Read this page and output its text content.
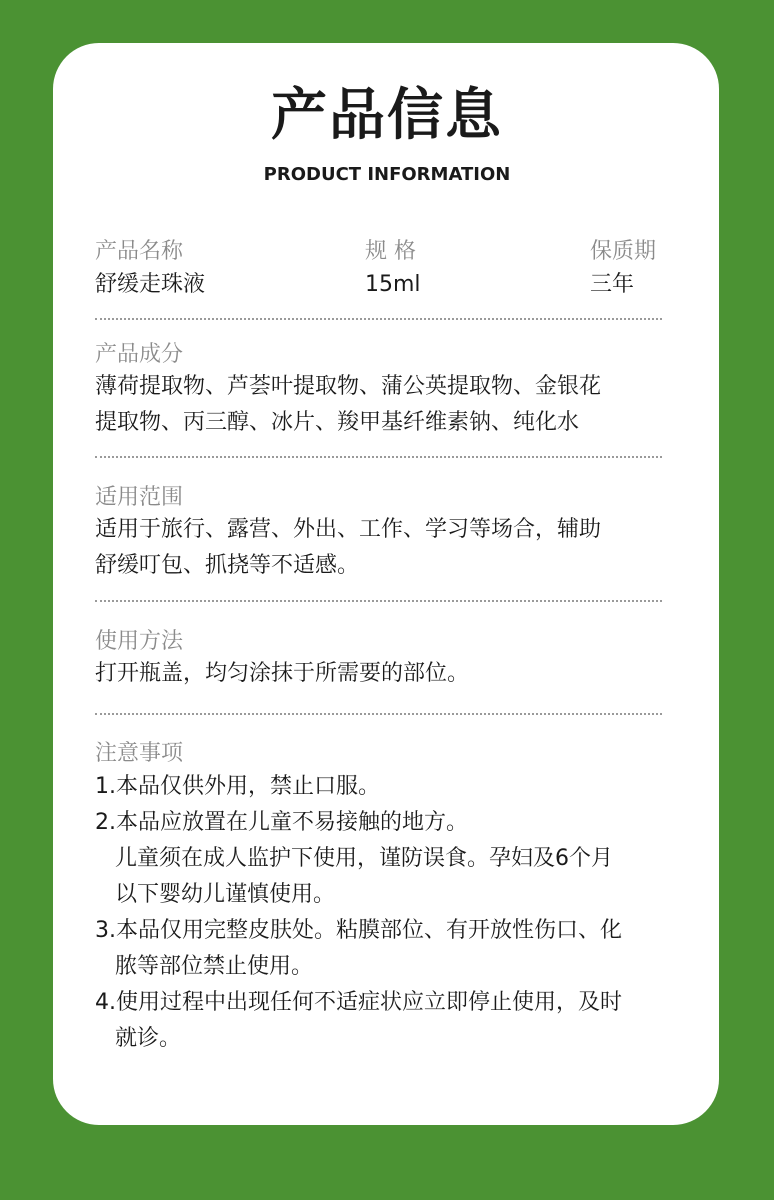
产品信息
PRODUCT INFORMATION
产品名称
舒缓走珠液
规 格
15ml
保质期
三年
产品成分
薄荷提取物、芦荟叶提取物、蒲公英提取物、金银花
提取物、丙三醇、冰片、羧甲基纤维素钠、纯化水
适用范围
适用于旅行、露营、外出、工作、学习等场合，辅助
舒缓叮包、抓挠等不适感。
使用方法
打开瓶盖，均匀涂抹于所需要的部位。
注意事项
1.本品仅供外用，禁止口服。
2.本品应放置在儿童不易接触的地方。
儿童须在成人监护下使用，谨防误食。孕妇及6个月
以下婴幼儿谨慎使用。
3.本品仅用完整皮肤处。粘膜部位、有开放性伤口、化
脓等部位禁止使用。
4.使用过程中出现任何不适症状应立即停止使用，及时
就诊。
